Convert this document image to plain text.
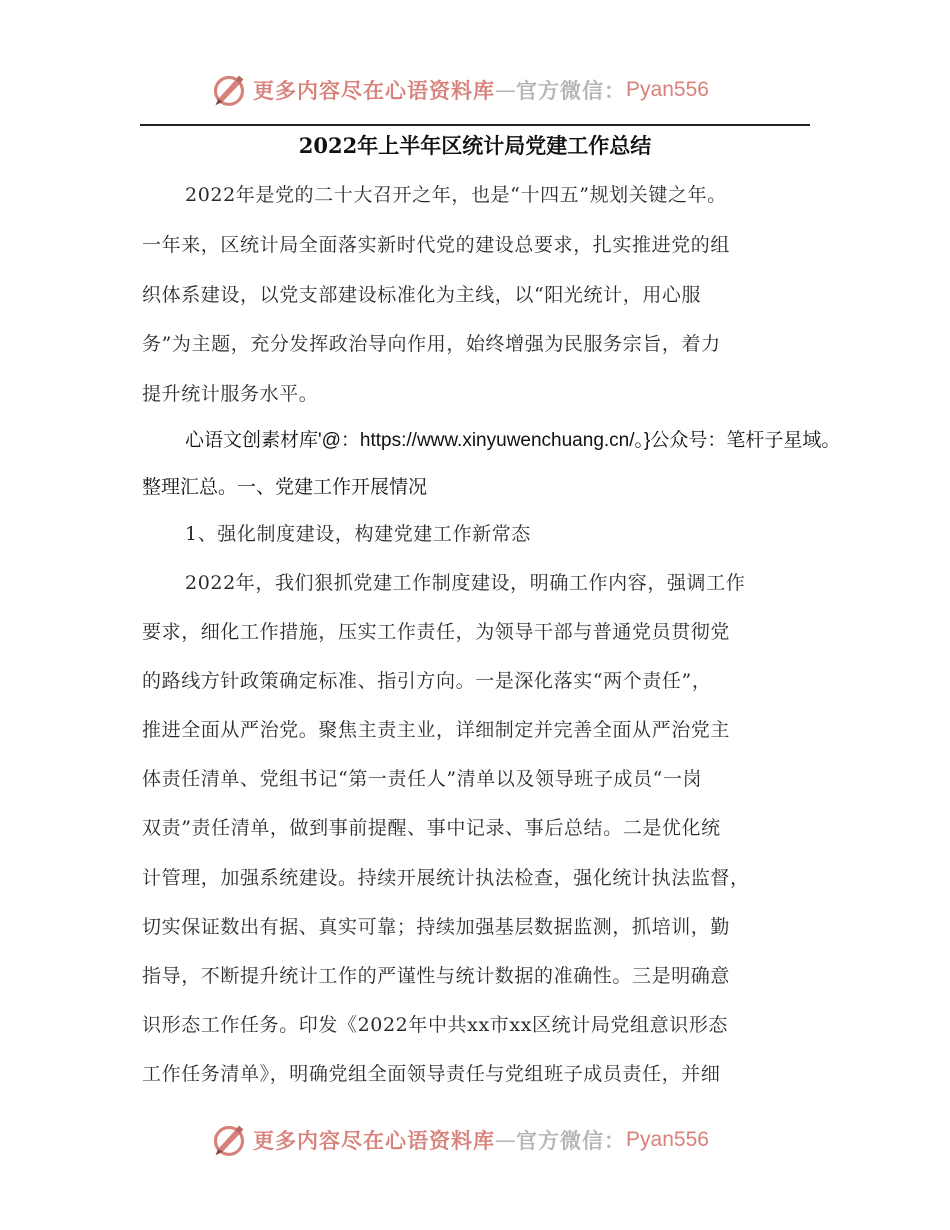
更多内容尽在心语资料库 — 官方微信： Pyan556
2022年上半年区统计局党建工作总结
2022年是党的二十大召开之年，也是“十四五”规划关键之年。
一年来，区统计局全面落实新时代党的建设总要求，扎实推进党的组
织体系建设，以党支部建设标准化为主线，以“阳光统计，用心服
务”为主题，充分发挥政治导向作用，始终增强为民服务宗旨，着力
提升统计服务水平。
心语文创素材库'@：https://www.xinyuwenchuang.cn/。}公众号：笔杆子星域。
整理汇总。一、党建工作开展情况
1、强化制度建设，构建党建工作新常态
2022年，我们狠抓党建工作制度建设，明确工作内容，强调工作
要求，细化工作措施，压实工作责任，为领导干部与普通党员贯彻党
的路线方针政策确定标准、指引方向。一是深化落实“两个责任”，
推进全面从严治党。聚焦主责主业，详细制定并完善全面从严治党主
体责任清单、党组书记“第一责任人”清单以及领导班子成员“一岗
双责”责任清单，做到事前提醒、事中记录、事后总结。二是优化统
计管理，加强系统建设。持续开展统计执法检查，强化统计执法监督，
切实保证数出有据、真实可靠；持续加强基层数据监测，抓培训，勤
指导，不断提升统计工作的严谨性与统计数据的准确性。三是明确意
识形态工作任务。印发《2022年中共xx市xx区统计局党组意识形态
工作任务清单》，明确党组全面领导责任与党组班子成员责任，并细
更多内容尽在心语资料库 — 官方微信： Pyan556
